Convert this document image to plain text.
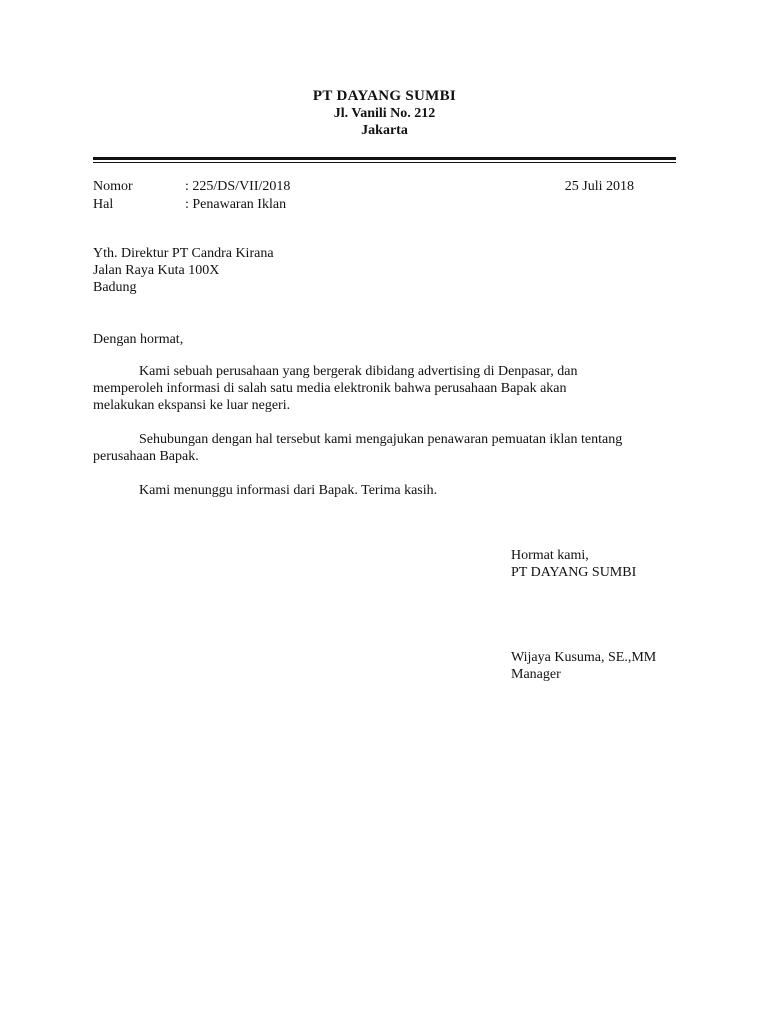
PT DAYANG SUMBI
Jl. Vanili No. 212
Jakarta
Nomor	: 225/DS/VII/2018	25 Juli 2018
Hal	: Penawaran Iklan
Yth. Direktur PT Candra Kirana
Jalan Raya Kuta 100X
Badung
Dengan hormat,
Kami sebuah perusahaan yang bergerak dibidang advertising di Denpasar, dan
memperoleh informasi di salah satu media elektronik bahwa perusahaan Bapak akan
melakukan ekspansi ke luar negeri.
Sehubungan dengan hal tersebut kami mengajukan penawaran pemuatan iklan tentang
perusahaan Bapak.
Kami menunggu informasi dari Bapak. Terima kasih.
Hormat kami,
PT DAYANG SUMBI
Wijaya Kusuma, SE.,MM
Manager
